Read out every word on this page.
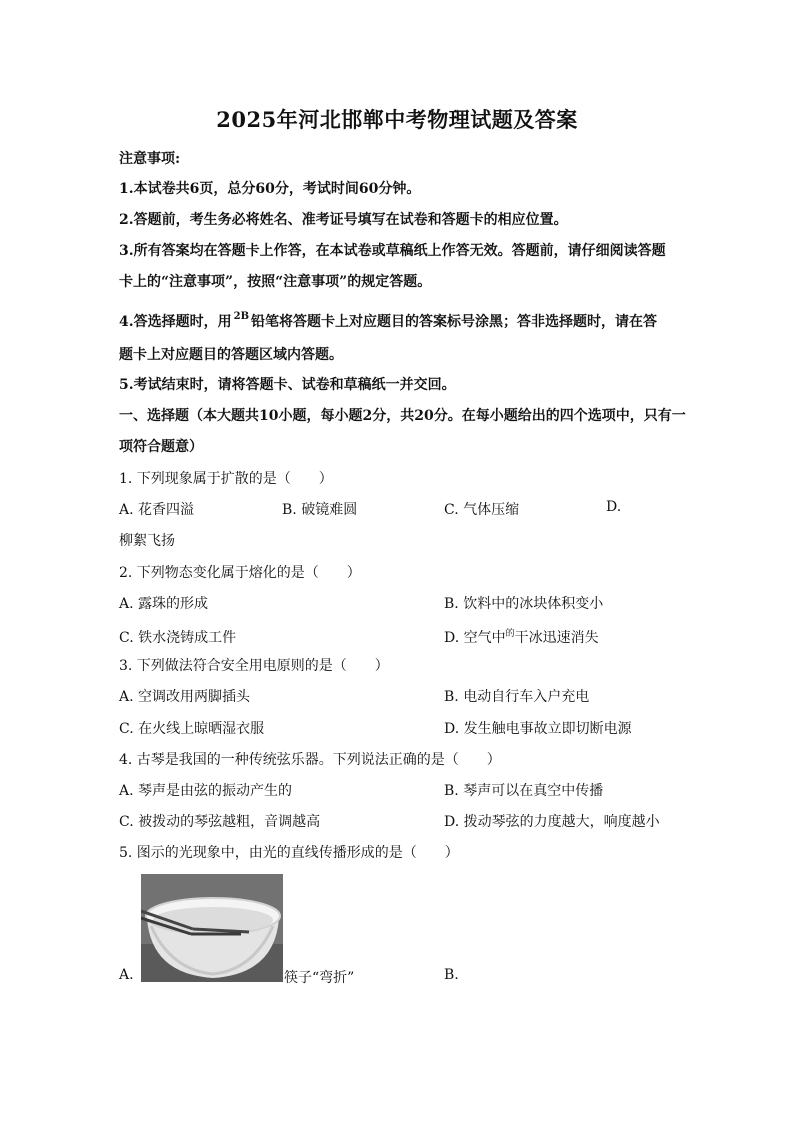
2025年河北邯郸中考物理试题及答案
注意事项:
1.本试卷共6页，总分60分，考试时间60分钟。
2.答题前，考生务必将姓名、准考证号填写在试卷和答题卡的相应位置。
3.所有答案均在答题卡上作答，在本试卷或草稿纸上作答无效。答题前，请仔细阅读答题
卡上的“注意事项”，按照“注意事项”的规定答题。
4.答选择题时，用 $^{2B}$ 铅笔将答题卡上对应题目的答案标号涂黑；答非选择题时，请在答
题卡上对应题目的答题区域内答题。
5.考试结束时，请将答题卡、试卷和草稿纸一并交回。
一、选择题（本大题共10小题，每小题2分，共20分。在每小题给出的四个选项中，只有一
项符合题意）
1. 下列现象属于扩散的是（　　）
A. 花香四溢	B. 破镜难圆	C. 气体压缩	D.
柳絮飞扬
2. 下列物态变化属于熔化的是（　　）
A. 露珠的形成	B. 饮料中的冰块体积变小
C. 铁水浇铸成工件	D. 空气中$^的$干冰迅速消失
3. 下列做法符合安全用电原则的是（　　）
A. 空调改用两脚插头	B. 电动自行车入户充电
C. 在火线上晾晒湿衣服	D. 发生触电事故立即切断电源
4. 古琴是我国的一种传统弦乐器。下列说法正确的是（　　）
A. 琴声是由弦的振动产生的	B. 琴声可以在真空中传播
C. 被拨动的琴弦越粗，音调越高	D. 拨动琴弦的力度越大，响度越小
5. 图示的光现象中，由光的直线传播形成的是（　　）
A.	筷子“弯折”	B.
